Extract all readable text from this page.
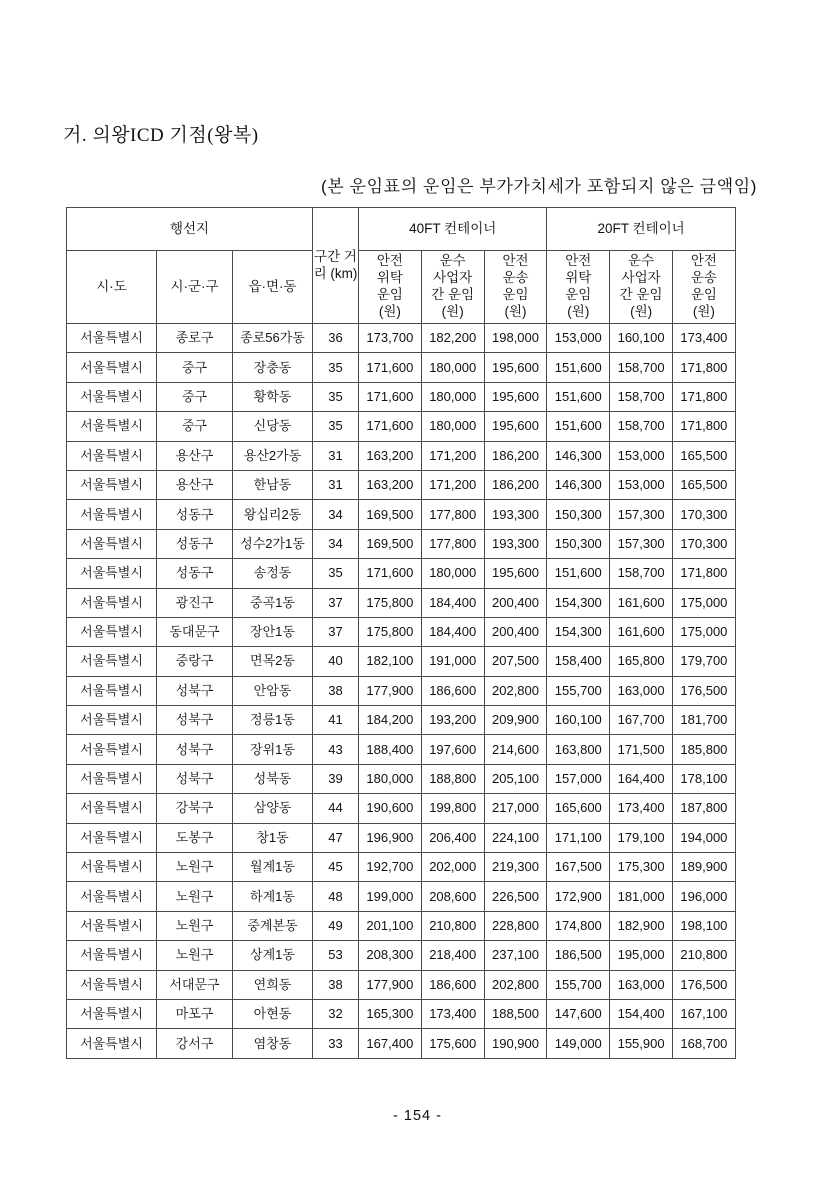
거. 의왕ICD 기점(왕복)
(본 운임표의 운임은 부가가치세가 포함되지 않은 금액임)
행선지			구간 거리 (km)	40FT 컨테이너			20FT 컨테이너		
시·도	시·군·구	읍·면·동		안전
위탁
운임
(원)	운수
사업자
간 운임
(원)	안전
운송
운임
(원)	안전
위탁
운임
(원)	운수
사업자
간 운임
(원)	안전
운송
운임
(원)

서울특별시	종로구	종로56가동	36	173,700	182,200	198,000	153,000	160,100	173,400

서울특별시	중구	장충동	35	171,600	180,000	195,600	151,600	158,700	171,800

서울특별시	중구	황학동	35	171,600	180,000	195,600	151,600	158,700	171,800

서울특별시	중구	신당동	35	171,600	180,000	195,600	151,600	158,700	171,800

서울특별시	용산구	용산2가동	31	163,200	171,200	186,200	146,300	153,000	165,500

서울특별시	용산구	한남동	31	163,200	171,200	186,200	146,300	153,000	165,500

서울특별시	성동구	왕십리2동	34	169,500	177,800	193,300	150,300	157,300	170,300

서울특별시	성동구	성수2가1동	34	169,500	177,800	193,300	150,300	157,300	170,300

서울특별시	성동구	송정동	35	171,600	180,000	195,600	151,600	158,700	171,800

서울특별시	광진구	중곡1동	37	175,800	184,400	200,400	154,300	161,600	175,000

서울특별시	동대문구	장안1동	37	175,800	184,400	200,400	154,300	161,600	175,000

서울특별시	중랑구	면목2동	40	182,100	191,000	207,500	158,400	165,800	179,700

서울특별시	성북구	안암동	38	177,900	186,600	202,800	155,700	163,000	176,500

서울특별시	성북구	정릉1동	41	184,200	193,200	209,900	160,100	167,700	181,700

서울특별시	성북구	장위1동	43	188,400	197,600	214,600	163,800	171,500	185,800

서울특별시	성북구	성북동	39	180,000	188,800	205,100	157,000	164,400	178,100

서울특별시	강북구	삼양동	44	190,600	199,800	217,000	165,600	173,400	187,800

서울특별시	도봉구	창1동	47	196,900	206,400	224,100	171,100	179,100	194,000

서울특별시	노원구	월계1동	45	192,700	202,000	219,300	167,500	175,300	189,900

서울특별시	노원구	하계1동	48	199,000	208,600	226,500	172,900	181,000	196,000

서울특별시	노원구	중계본동	49	201,100	210,800	228,800	174,800	182,900	198,100

서울특별시	노원구	상계1동	53	208,300	218,400	237,100	186,500	195,000	210,800

서울특별시	서대문구	연희동	38	177,900	186,600	202,800	155,700	163,000	176,500

서울특별시	마포구	아현동	32	165,300	173,400	188,500	147,600	154,400	167,100

서울특별시	강서구	염창동	33	167,400	175,600	190,900	149,000	155,900	168,700
- 154 -
